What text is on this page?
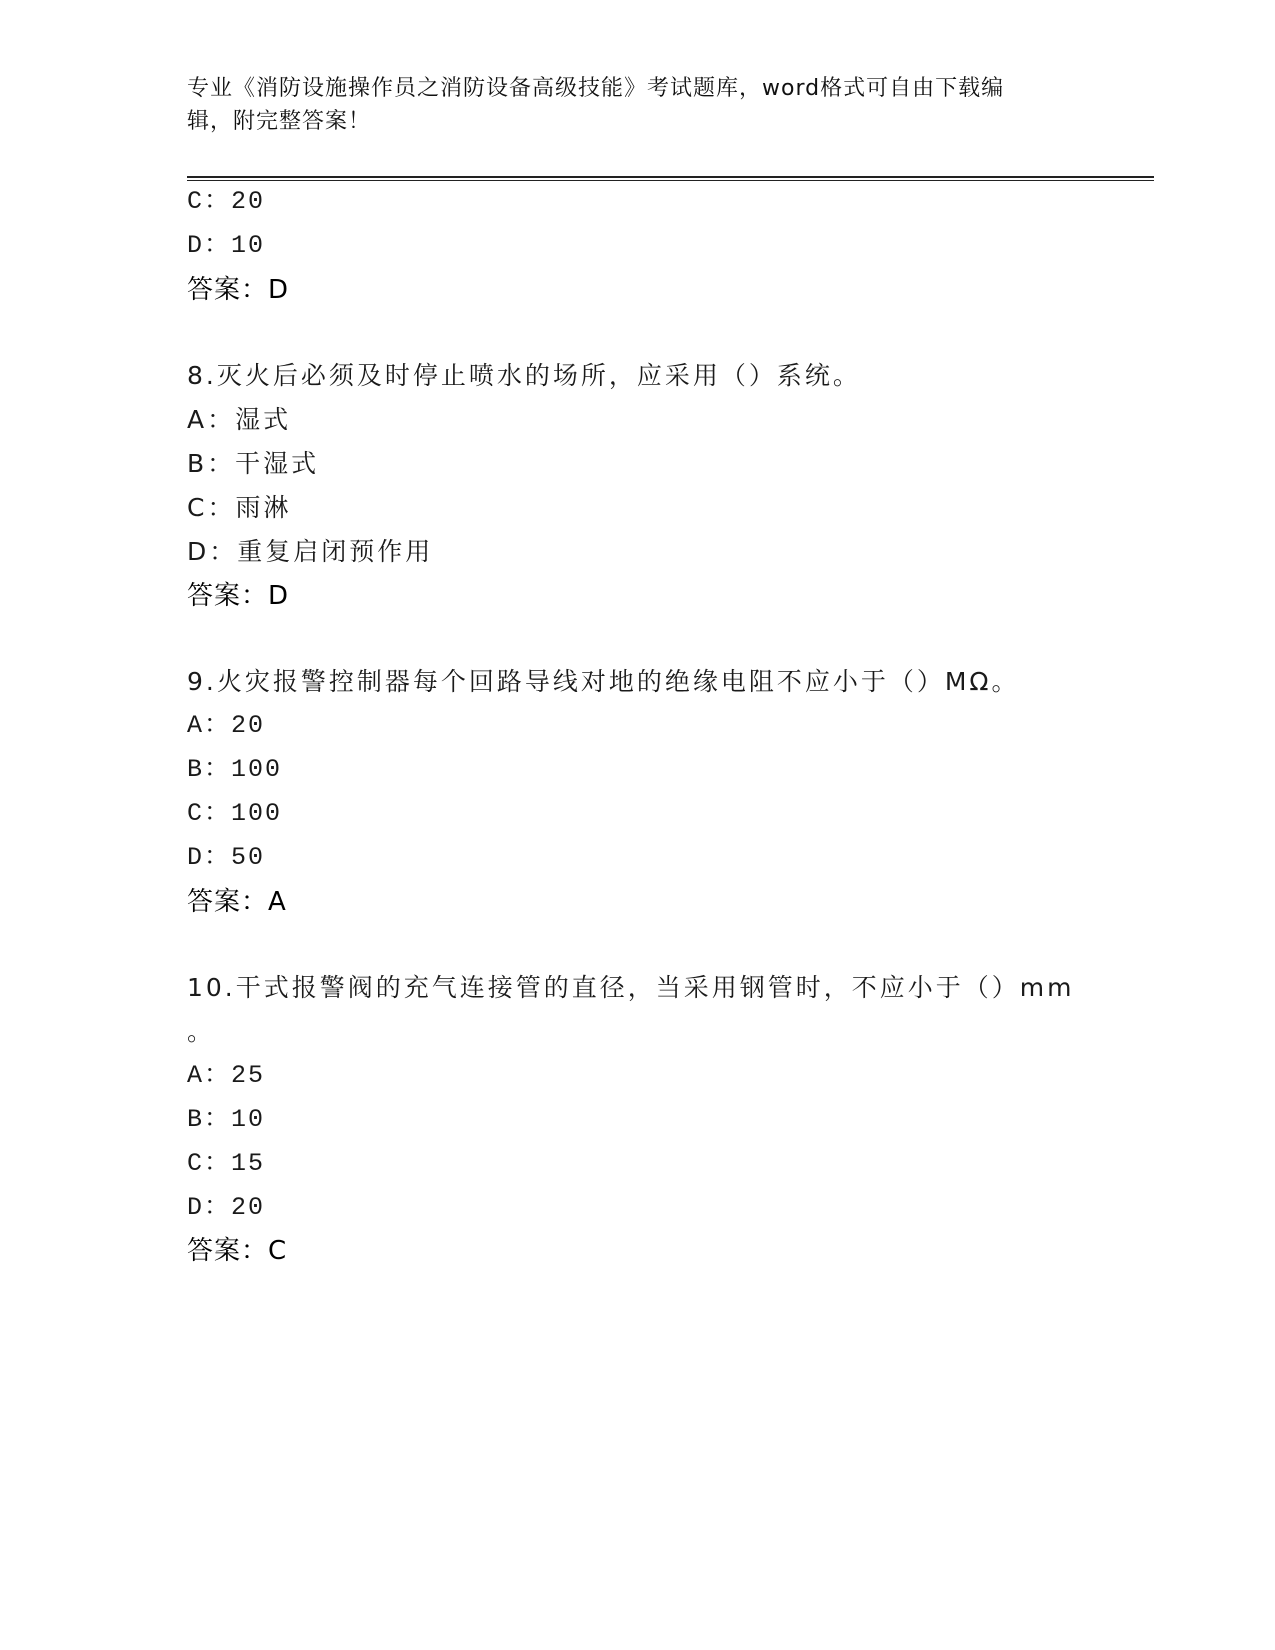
专业《消防设施操作员之消防设备高级技能》考试题库，word格式可自由下载编
辑，附完整答案！
C：20
D：10
答案：D
8.灭火后必须及时停止喷水的场所，应采用（）系统。
A：湿式
B：干湿式
C：雨淋
D：重复启闭预作用
答案：D
9.火灾报警控制器每个回路导线对地的绝缘电阻不应小于（）MΩ。
A：20
B：100
C：100
D：50
答案：A
10.干式报警阀的充气连接管的直径，当采用钢管时，不应小于（）mm
。
A：25
B：10
C：15
D：20
答案：C
